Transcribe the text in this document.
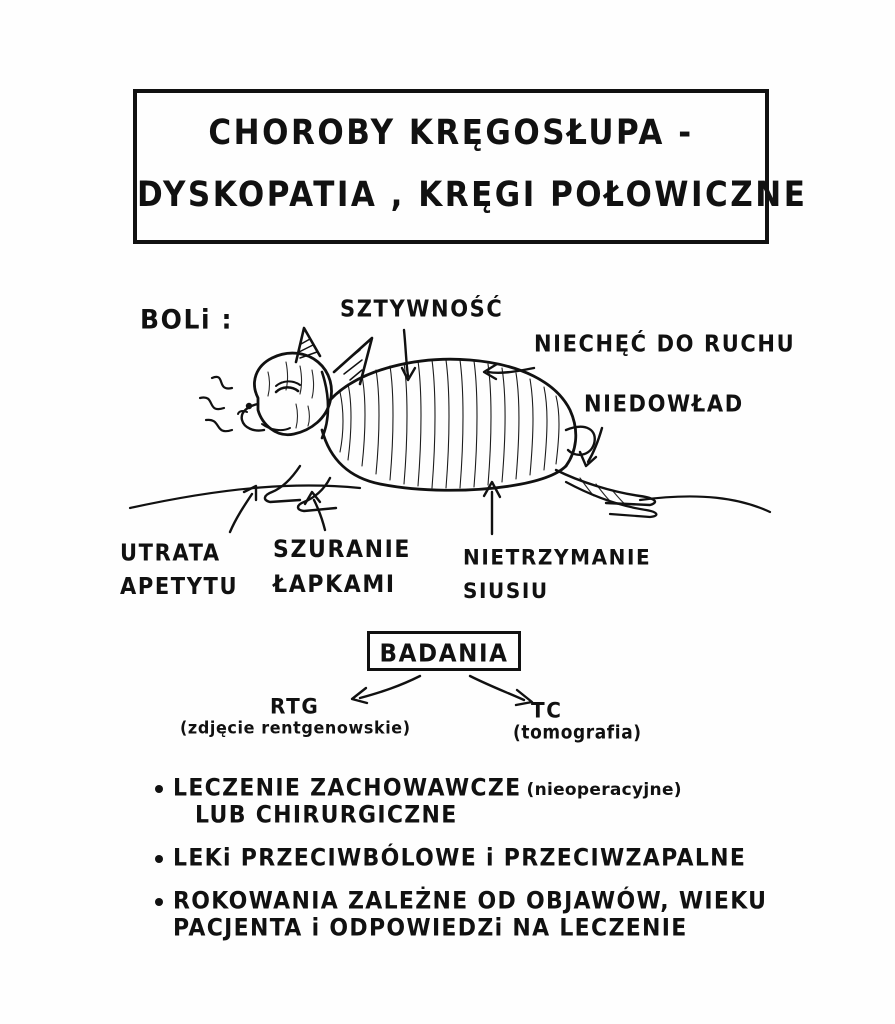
CHOROBY KRĘGOSŁUPA -
DYSKOPATIA , KRĘGI POŁOWICZNE
BOLi :	SZTYWNOŚĆ
NIECHĘĆ DO RUCHU
NIEDOWŁAD
UTRATA
APETYTU
SZURANIE
ŁAPKAMI
NIETRZYMANIE
SIUSIU
BADANIA
RTG
(zdjęcie rentgenowskie)
TC
(tomografia)
LECZENIE ZACHOWAWCZE (nieoperacyjne)
LUB CHIRURGICZNE
LEKi PRZECIWBÓLOWE i PRZECIWZAPALNE
ROKOWANIA ZALEŻNE OD OBJAWÓW, WIEKU
PACJENTA i ODPOWIEDZi NA LECZENIE
